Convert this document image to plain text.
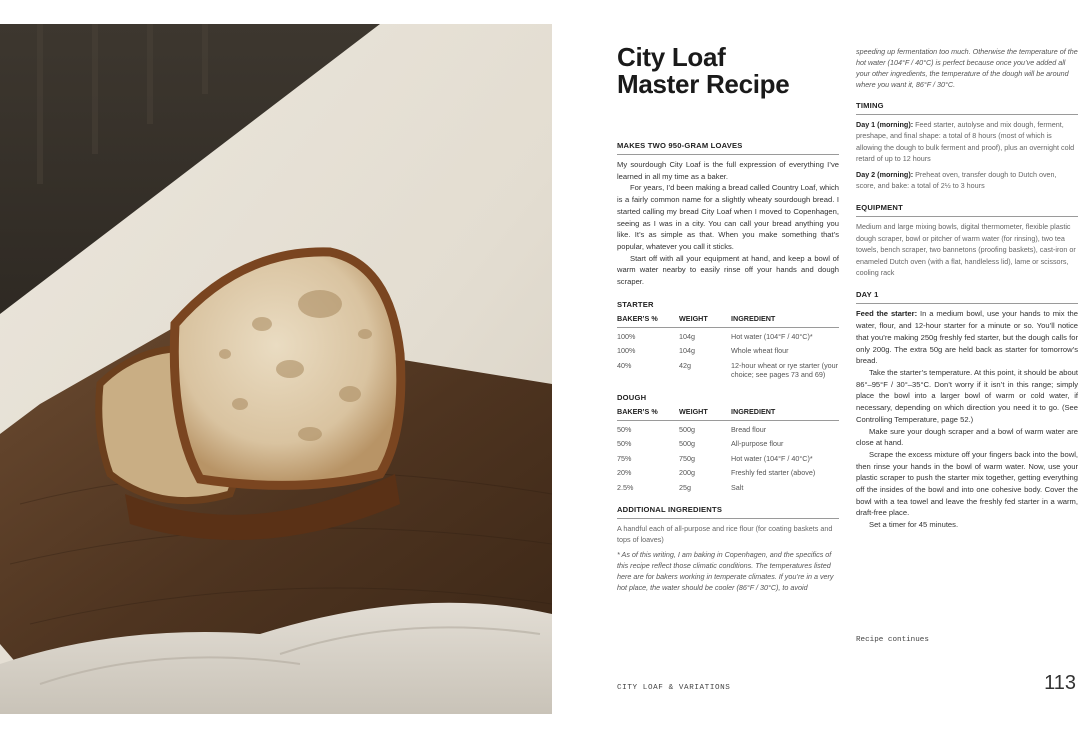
City Loaf
Master Recipe
MAKES TWO 950-GRAM LOAVES

My sourdough City Loaf is the full expression of everything I’ve learned in all my time as a baker.

For years, I’d been making a bread called Country Loaf, which is a fairly common name for a slightly wheaty sourdough bread. I started calling my bread City Loaf when I moved to Copenhagen, seeing as I was in a city. You can call your bread anything you like. It’s as simple as that. When you make something that’s popular, whatever you call it sticks.

Start off with all your equipment at hand, and keep a bowl of warm water nearby to easily rinse off your hands and dough scraper.

STARTER
BAKER’S %	WEIGHT	INGREDIENT
100%	104g	Hot water (104°F / 40°C)*
100%	104g	Whole wheat flour
40%	42g	12-hour wheat or rye starter (your choice; see pages 73 and 69)
DOUGH
BAKER’S %	WEIGHT	INGREDIENT
50%	500g	Bread flour
50%	500g	All-purpose flour
75%	750g	Hot water (104°F / 40°C)*
20%	200g	Freshly fed starter (above)
2.5%	25g	Salt
ADDITIONAL INGREDIENTS

A handful each of all-purpose and rice flour (for coating baskets and tops of loaves)

* As of this writing, I am baking in Copenhagen, and the specifics of this recipe reflect those climatic conditions. The temperatures listed here are for bakers working in temperate climates. If you’re in a very hot place, the water should be cooler (86°F / 30°C), to avoid

speeding up fermentation too much. Otherwise the temperature of the hot water (104°F / 40°C) is perfect because once you’ve added all your other ingredients, the temperature of the dough will be around where you want it, 86°F / 30°C.

TIMING

Day 1 (morning): Feed starter, autolyse and mix dough, ferment, preshape, and final shape: a total of 8 hours (most of which is allowing the dough to bulk ferment and proof), plus an overnight cold retard of up to 12 hours

Day 2 (morning): Preheat oven, transfer dough to Dutch oven, score, and bake: a total of 2½ to 3 hours

EQUIPMENT

Medium and large mixing bowls, digital thermometer, flexible plastic dough scraper, bowl or pitcher of warm water (for rinsing), two tea towels, bench scraper, two bannetons (proofing baskets), cast-iron or enameled Dutch oven (with a flat, handleless lid), lame or scissors, cooling rack

DAY 1

Feed the starter: In a medium bowl, use your hands to mix the water, flour, and 12-hour starter for a minute or so. You’ll notice that you’re making 250g freshly fed starter, but the dough calls for only 200g. The extra 50g are held back as starter for tomorrow’s bread.

Take the starter’s temperature. At this point, it should be about 86°–95°F / 30°–35°C. Don’t worry if it isn’t in this range; simply place the bowl into a larger bowl of warm or cold water, if necessary, depending on which direction you need it to go. (See Controlling Temperature, page 52.)

Make sure your dough scraper and a bowl of warm water are close at hand.

Scrape the excess mixture off your fingers back into the bowl, then rinse your hands in the bowl of warm water. Now, use your plastic scraper to push the starter mix together, getting everything off the insides of the bowl and into one cohesive body. Cover the bowl with a tea towel and leave the freshly fed starter in a warm, draft-free place.

Set a timer for 45 minutes.

Recipe continues
CITY LOAF & VARIATIONS	113
